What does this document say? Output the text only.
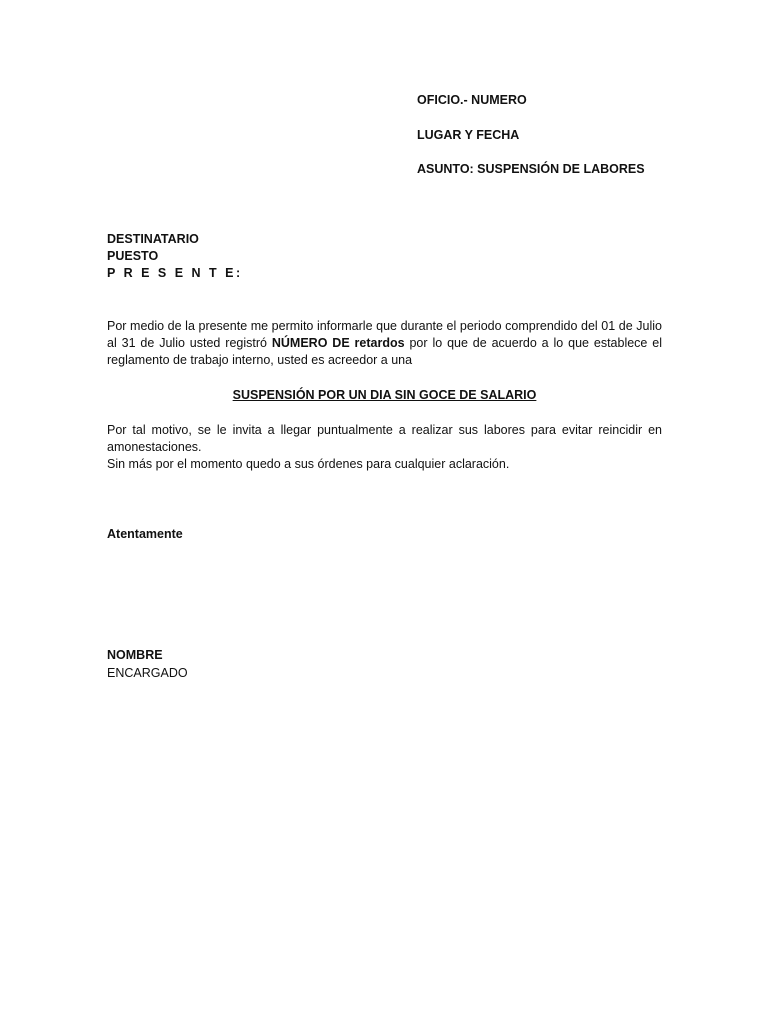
OFICIO.- NUMERO
LUGAR Y FECHA
ASUNTO: SUSPENSIÓN DE LABORES
DESTINATARIO
PUESTO
P R E S E N T E:

Por medio de la presente me permito informarle que durante el periodo comprendido del 01 de Julio al 31 de Julio usted registró NÚMERO DE retardos por lo que de acuerdo a lo que establece el reglamento de trabajo interno, usted es acreedor a una

SUSPENSIÓN POR UN DIA SIN GOCE DE SALARIO

Por tal motivo, se le invita a llegar puntualmente a realizar sus labores para evitar reincidir en amonestaciones.

Sin más por el momento quedo a sus órdenes para cualquier aclaración.

Atentamente
NOMBRE
ENCARGADO
